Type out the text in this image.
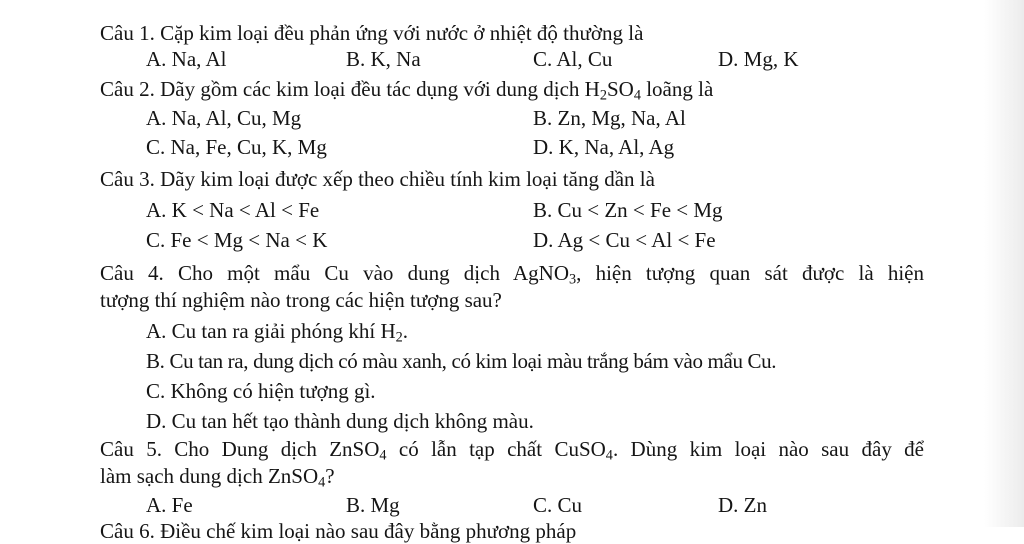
Câu 1. Cặp kim loại đều phản ứng với nước ở nhiệt độ thường là
A. Na, Al	B. K, Na	C. Al, Cu	D. Mg, K
Câu 2. Dãy gồm các kim loại đều tác dụng với dung dịch $H_2SO_4$ loãng là
A. Na, Al, Cu, Mg	B. Zn, Mg, Na, Al
C. Na, Fe, Cu, K, Mg	D. K, Na, Al, Ag
Câu 3. Dãy kim loại được xếp theo chiều tính kim loại tăng dần là
A. K < Na < Al < Fe	B. Cu < Zn < Fe < Mg
C. Fe < Mg < Na < K	D. Ag < Cu < Al < Fe
Câu 4. Cho một mẩu Cu vào dung dịch AgNO$_3$, hiện tượng quan sát được là hiện
tượng thí nghiệm nào trong các hiện tượng sau?
A. Cu tan ra giải phóng khí $H_2$.
B. Cu tan ra, dung dịch có màu xanh, có kim loại màu trắng bám vào mẩu Cu.
C. Không có hiện tượng gì.
D. Cu tan hết tạo thành dung dịch không màu.
Câu 5. Cho Dung dịch ZnSO$_4$ có lẫn tạp chất CuSO$_4$. Dùng kim loại nào sau đây để
làm sạch dung dịch ZnSO$_4$?
A. Fe	B. Mg	C. Cu	D. Zn
Câu 6. Điều chế kim loại nào sau đây bằng phương pháp
